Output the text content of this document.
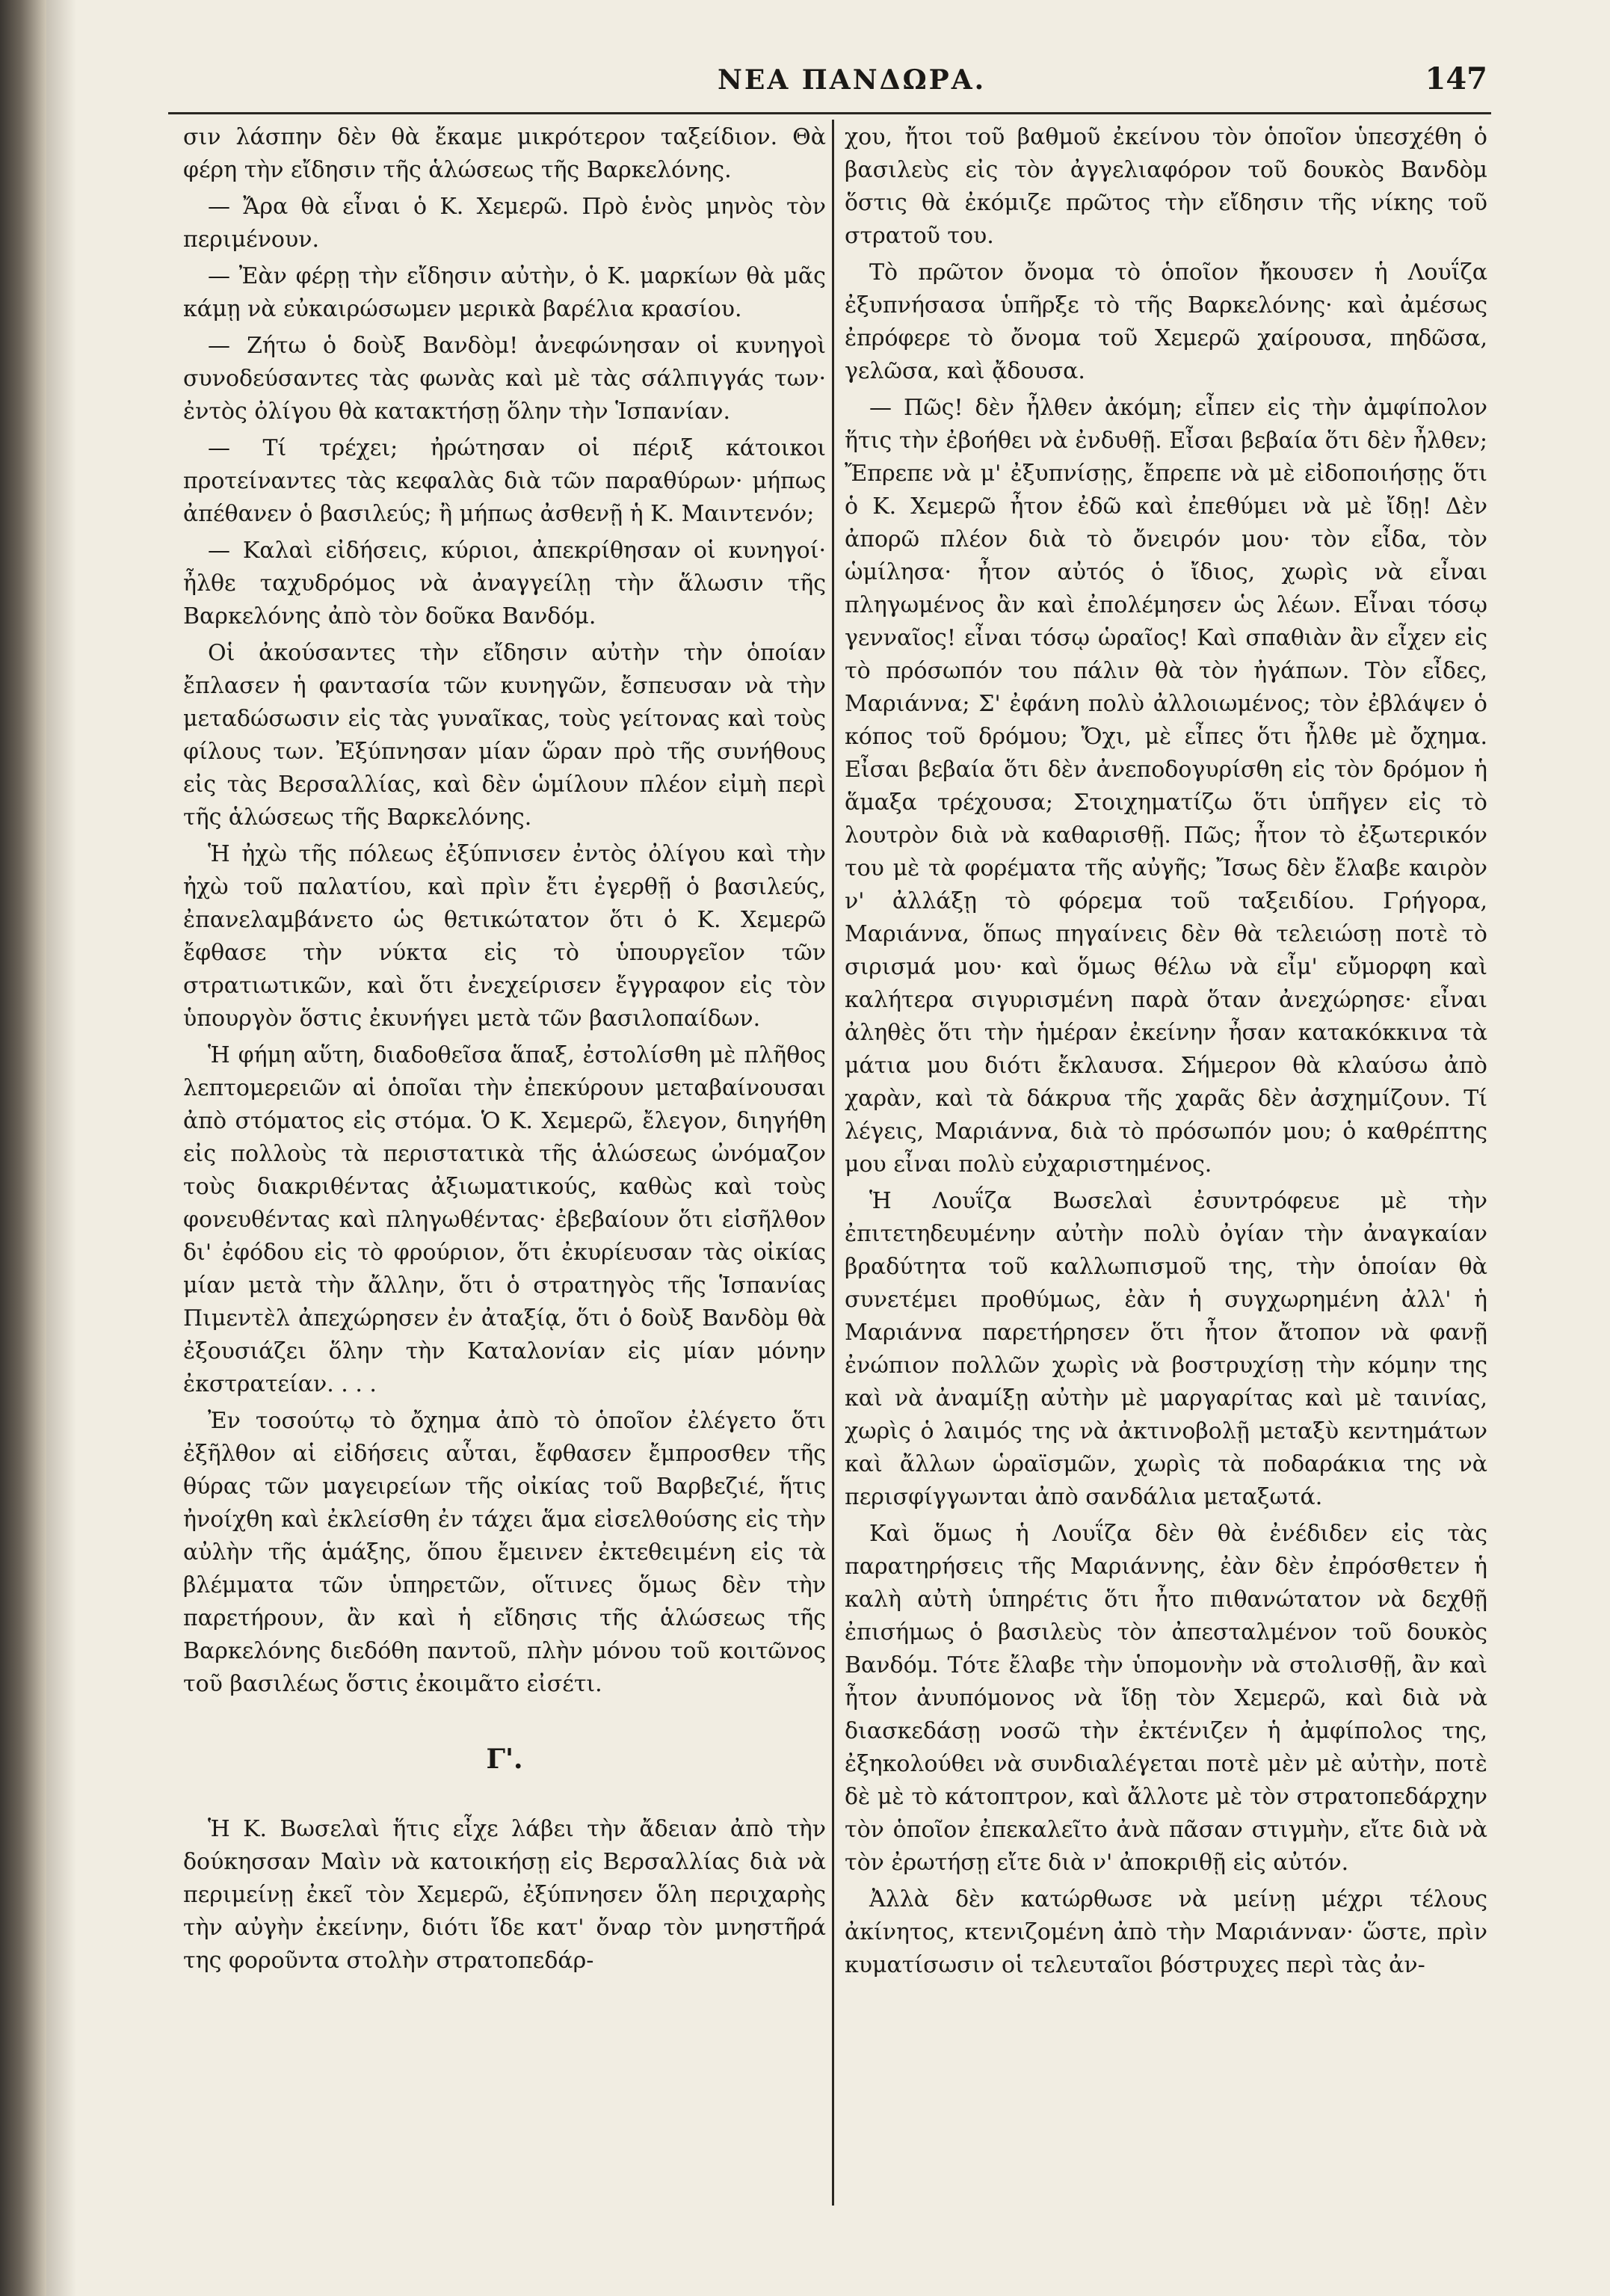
ΝΕΑ ΠΑΝΔΩΡΑ.	147

σιν λάσπην δὲν θὰ ἔκαμε μικρότερον ταξείδιον. Θὰ φέρη τὴν εἴδησιν τῆς ἁλώσεως τῆς Βαρκελόνης.

— Ἄρα θὰ εἶναι ὁ Κ. Χεμερῶ. Πρὸ ἑνὸς μηνὸς τὸν περιμένουν.

— Ἐὰν φέρῃ τὴν εἴδησιν αὐτὴν, ὁ Κ. μαρκίων θὰ μᾶς κάμῃ νὰ εὐκαιρώσωμεν μερικὰ βαρέλια κρασίου.

— Ζήτω ὁ δοὺξ Βανδὸμ! ἀνεφώνησαν οἱ κυνηγοὶ συνοδεύσαντες τὰς φωνὰς καὶ μὲ τὰς σάλπιγγάς των· ἐντὸς ὀλίγου θὰ κατακτήσῃ ὅλην τὴν Ἱσπανίαν.

— Τί τρέχει; ἠρώτησαν οἱ πέριξ κάτοικοι προτείναντες τὰς κεφαλὰς διὰ τῶν παραθύρων· μήπως ἀπέθανεν ὁ βασιλεύς; ἢ μήπως ἀσθενῇ ἡ Κ. Μαιντενόν;

— Καλαὶ εἰδήσεις, κύριοι, ἀπεκρίθησαν οἱ κυνηγοί· ἦλθε ταχυδρόμος νὰ ἀναγγείλῃ τὴν ἅλωσιν τῆς Βαρκελόνης ἀπὸ τὸν δοῦκα Βανδόμ.

Οἱ ἀκούσαντες τὴν εἴδησιν αὐτὴν τὴν ὁποίαν ἔπλασεν ἡ φαντασία τῶν κυνηγῶν, ἔσπευσαν νὰ τὴν μεταδώσωσιν εἰς τὰς γυναῖκας, τοὺς γείτονας καὶ τοὺς φίλους των. Ἐξύπνησαν μίαν ὥραν πρὸ τῆς συνήθους εἰς τὰς Βερσαλλίας, καὶ δὲν ὡμίλουν πλέον εἰμὴ περὶ τῆς ἁλώσεως τῆς Βαρκελόνης.

Ἡ ἠχὼ τῆς πόλεως ἐξύπνισεν ἐντὸς ὀλίγου καὶ τὴν ἠχὼ τοῦ παλατίου, καὶ πρὶν ἔτι ἐγερθῇ ὁ βασιλεύς, ἐπανελαμβάνετο ὡς θετικώτατον ὅτι ὁ Κ. Χεμερῶ ἔφθασε τὴν νύκτα εἰς τὸ ὑπουργεῖον τῶν στρατιωτικῶν, καὶ ὅτι ἐνεχείρισεν ἔγγραφον εἰς τὸν ὑπουργὸν ὅστις ἐκυνήγει μετὰ τῶν βασιλοπαίδων.

Ἡ φήμη αὕτη, διαδοθεῖσα ἅπαξ, ἐστολίσθη μὲ πλῆθος λεπτομερειῶν αἱ ὁποῖαι τὴν ἐπεκύρουν μεταβαίνουσαι ἀπὸ στόματος εἰς στόμα. Ὁ Κ. Χεμερῶ, ἔλεγον, διηγήθη εἰς πολλοὺς τὰ περιστατικὰ τῆς ἁλώσεως ὠνόμαζον τοὺς διακριθέντας ἀξιωματικούς, καθὼς καὶ τοὺς φονευθέντας καὶ πληγωθέντας· ἐβεβαίουν ὅτι εἰσῆλθον δι' ἐφόδου εἰς τὸ φρούριον, ὅτι ἐκυρίευσαν τὰς οἰκίας μίαν μετὰ τὴν ἄλλην, ὅτι ὁ στρατηγὸς τῆς Ἱσπανίας Πιμεντὲλ ἀπεχώρησεν ἐν ἀταξίᾳ, ὅτι ὁ δοὺξ Βανδὸμ θὰ ἐξουσιάζει ὅλην τὴν Καταλονίαν εἰς μίαν μόνην ἐκστρατείαν. . . .

Ἐν τοσούτῳ τὸ ὄχημα ἀπὸ τὸ ὁποῖον ἐλέγετο ὅτι ἐξῆλθον αἱ εἰδήσεις αὗται, ἔφθασεν ἔμπροσθεν τῆς θύρας τῶν μαγειρείων τῆς οἰκίας τοῦ Βαρβεζιέ, ἥτις ἠνοίχθη καὶ ἐκλείσθη ἐν τάχει ἅμα εἰσελθούσης εἰς τὴν αὐλὴν τῆς ἁμάξης, ὅπου ἔμεινεν ἐκτεθειμένη εἰς τὰ βλέμματα τῶν ὑπηρετῶν, οἵτινες ὅμως δὲν τὴν παρετήρουν, ἂν καὶ ἡ εἴδησις τῆς ἁλώσεως τῆς Βαρκελόνης διεδόθη παντοῦ, πλὴν μόνου τοῦ κοιτῶνος τοῦ βασιλέως ὅστις ἐκοιμᾶτο εἰσέτι.

Γ'.

Ἡ Κ. Βωσελαὶ ἥτις εἶχε λάβει τὴν ἄδειαν ἀπὸ τὴν δούκησσαν Μαὶν νὰ κατοικήσῃ εἰς Βερσαλλίας διὰ νὰ περιμείνῃ ἐκεῖ τὸν Χεμερῶ, ἐξύπνησεν ὅλη περιχαρὴς τὴν αὐγὴν ἐκείνην, διότι ἴδε κατ' ὄναρ τὸν μνηστῆρά της φοροῦντα στολὴν στρατοπεδάρ-

χου, ἤτοι τοῦ βαθμοῦ ἐκείνου τὸν ὁποῖον ὑπεσχέθη ὁ βασιλεὺς εἰς τὸν ἀγγελιαφόρον τοῦ δουκὸς Βανδὸμ ὅστις θὰ ἐκόμιζε πρῶτος τὴν εἴδησιν τῆς νίκης τοῦ στρατοῦ του.

Τὸ πρῶτον ὄνομα τὸ ὁποῖον ἤκουσεν ἡ Λουΐζα ἐξυπνήσασα ὑπῆρξε τὸ τῆς Βαρκελόνης· καὶ ἀμέσως ἐπρόφερε τὸ ὄνομα τοῦ Χεμερῶ χαίρουσα, πηδῶσα, γελῶσα, καὶ ᾄδουσα.

— Πῶς! δὲν ἦλθεν ἀκόμη; εἶπεν εἰς τὴν ἀμφίπολον ἥτις τὴν ἐβοήθει νὰ ἐνδυθῇ. Εἶσαι βεβαία ὅτι δὲν ἦλθεν; Ἔπρεπε νὰ μ' ἐξυπνίσῃς, ἔπρεπε νὰ μὲ εἰδοποιήσῃς ὅτι ὁ Κ. Χεμερῶ ἦτον ἐδῶ καὶ ἐπεθύμει νὰ μὲ ἴδῃ! Δὲν ἀπορῶ πλέον διὰ τὸ ὄνειρόν μου· τὸν εἶδα, τὸν ὡμίλησα· ἦτον αὐτός ὁ ἴδιος, χωρὶς νὰ εἶναι πληγωμένος ἂν καὶ ἐπολέμησεν ὡς λέων. Εἶναι τόσῳ γενναῖος! εἶναι τόσῳ ὡραῖος! Καὶ σπαθιὰν ἂν εἶχεν εἰς τὸ πρόσωπόν του πάλιν θὰ τὸν ἠγάπων. Τὸν εἶδες, Μαριάννα; Σ' ἐφάνη πολὺ ἀλλοιωμένος; τὸν ἐβλάψεν ὁ κόπος τοῦ δρόμου; Ὄχι, μὲ εἶπες ὅτι ἦλθε μὲ ὄχημα. Εἶσαι βεβαία ὅτι δὲν ἀνεποδογυρίσθη εἰς τὸν δρόμον ἡ ἅμαξα τρέχουσα; Στοιχηματίζω ὅτι ὑπῆγεν εἰς τὸ λουτρὸν διὰ νὰ καθαρισθῇ. Πῶς; ἦτον τὸ ἐξωτερικόν του μὲ τὰ φορέματα τῆς αὐγῆς; Ἴσως δὲν ἔλαβε καιρὸν ν' ἀλλάξῃ τὸ φόρεμα τοῦ ταξειδίου. Γρήγορα, Μαριάννα, ὅπως πηγαίνεις δὲν θὰ τελειώσῃ ποτὲ τὸ σιρισμά μου· καὶ ὅμως θέλω νὰ εἶμ' εὔμορφη καὶ καλήτερα σιγυρισμένη παρὰ ὅταν ἀνεχώρησε· εἶναι ἀληθὲς ὅτι τὴν ἡμέραν ἐκείνην ἦσαν κατακόκκινα τὰ μάτια μου διότι ἔκλαυσα. Σήμερον θὰ κλαύσω ἀπὸ χαρὰν, καὶ τὰ δάκρυα τῆς χαρᾶς δὲν ἀσχημίζουν. Τί λέγεις, Μαριάννα, διὰ τὸ πρόσωπόν μου; ὁ καθρέπτης μου εἶναι πολὺ εὐχαριστημένος.

Ἡ Λουΐζα Βωσελαὶ ἐσυντρόφευε μὲ τὴν ἐπιτετηδευμένην αὐτὴν πολὺ ὀγίαν τὴν ἀναγκαίαν βραδύτητα τοῦ καλλωπισμοῦ της, τὴν ὁποίαν θὰ συνετέμει προθύμως, ἐὰν ἡ συγχωρημένη ἀλλ' ἡ Μαριάννα παρετήρησεν ὅτι ἦτον ἄτοπον νὰ φανῇ ἐνώπιον πολλῶν χωρὶς νὰ βοστρυχίσῃ τὴν κόμην της καὶ νὰ ἀναμίξῃ αὐτὴν μὲ μαργαρίτας καὶ μὲ ταινίας, χωρὶς ὁ λαιμός της νὰ ἀκτινοβολῇ μεταξὺ κεντημάτων καὶ ἄλλων ὡραϊσμῶν, χωρὶς τὰ ποδαράκια της νὰ περισφίγγωνται ἀπὸ σανδάλια μεταξωτά.

Καὶ ὅμως ἡ Λουΐζα δὲν θὰ ἐνέδιδεν εἰς τὰς παρατηρήσεις τῆς Μαριάννης, ἐὰν δὲν ἐπρόσθετεν ἡ καλὴ αὐτὴ ὑπηρέτις ὅτι ἦτο πιθανώτατον νὰ δεχθῇ ἐπισήμως ὁ βασιλεὺς τὸν ἀπεσταλμένον τοῦ δουκὸς Βανδόμ. Τότε ἔλαβε τὴν ὑπομονὴν νὰ στολισθῇ, ἂν καὶ ἦτον ἀνυπόμονος νὰ ἴδῃ τὸν Χεμερῶ, καὶ διὰ νὰ διασκεδάσῃ νοσῶ τὴν ἐκτένιζεν ἡ ἀμφίπολος της, ἐξηκολούθει νὰ συνδιαλέγεται ποτὲ μὲν μὲ αὐτὴν, ποτὲ δὲ μὲ τὸ κάτοπτρον, καὶ ἄλλοτε μὲ τὸν στρατοπεδάρχην τὸν ὁποῖον ἐπεκαλεῖτο ἀνὰ πᾶσαν στιγμὴν, εἴτε διὰ νὰ τὸν ἐρωτήσῃ εἴτε διὰ ν' ἀποκριθῇ εἰς αὐτόν.

Ἀλλὰ δὲν κατώρθωσε νὰ μείνῃ μέχρι τέλους ἀκίνητος, κτενιζομένη ἀπὸ τὴν Μαριάνναν· ὥστε, πρὶν κυματίσωσιν οἱ τελευταῖοι βόστρυχες περὶ τὰς ἀν-
